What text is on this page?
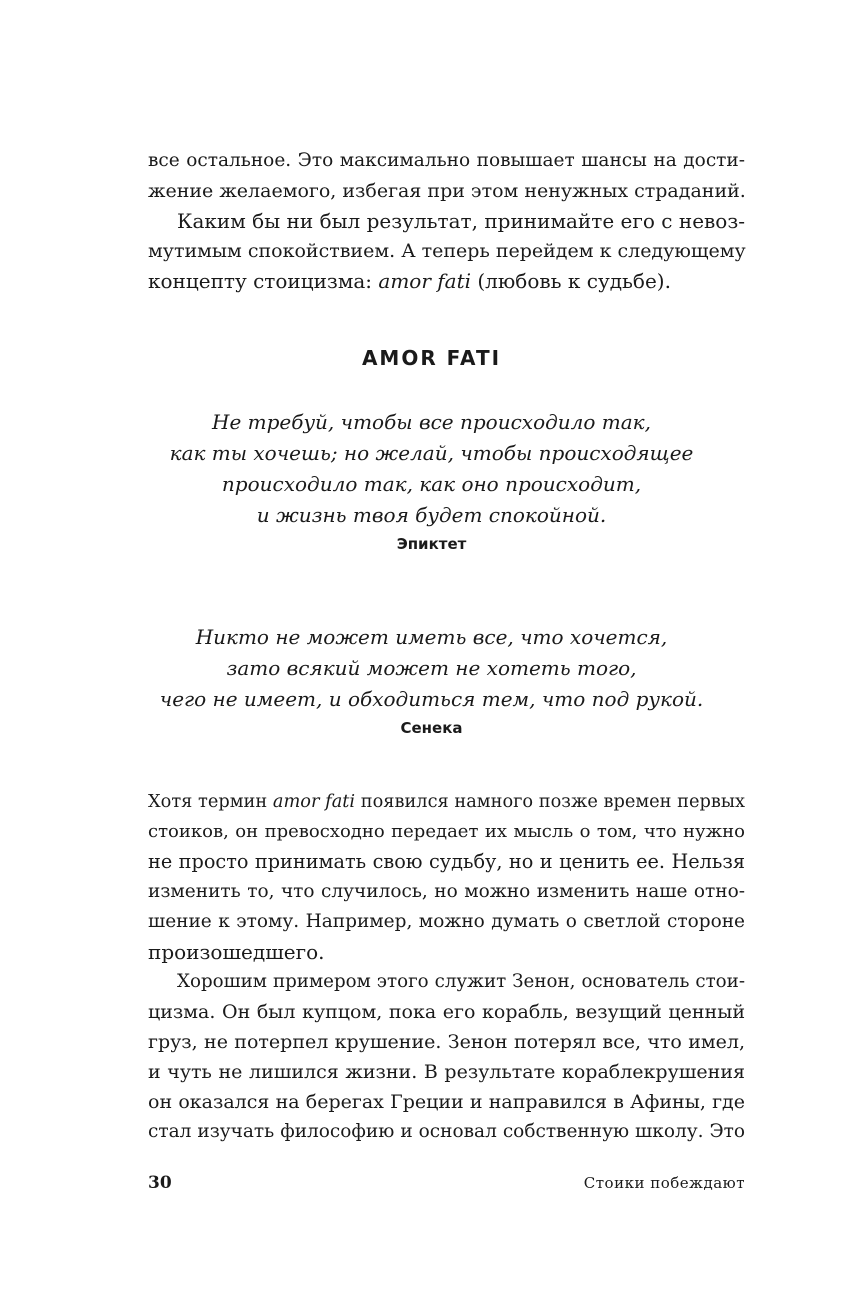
все остальное. Это максимально повышает шансы на дости-
жение желаемого, избегая при этом ненужных страданий.
Каким бы ни был результат, принимайте его с невоз-
мутимым спокойствием. А теперь перейдем к следующему
концепту стоицизма: amor fati (любовь к судьбе).
AMOR FATI
Не требуй, чтобы все происходило так,
как ты хочешь; но желай, чтобы происходящее
происходило так, как оно происходит,
и жизнь твоя будет спокойной.
Эпиктет
Никто не может иметь все, что хочется,
зато всякий может не хотеть того,
чего не имеет, и обходиться тем, что под рукой.
Сенека
Хотя термин amor fati появился намного позже времен первых
стоиков, он превосходно передает их мысль о том, что нужно
не просто принимать свою судьбу, но и ценить ее. Нельзя
изменить то, что случилось, но можно изменить наше отно-
шение к этому. Например, можно думать о светлой стороне
произошедшего.
Хорошим примером этого служит Зенон, основатель стои-
цизма. Он был купцом, пока его корабль, везущий ценный
груз, не потерпел крушение. Зенон потерял все, что имел,
и чуть не лишился жизни. В результате кораблекрушения
он оказался на берегах Греции и направился в Афины, где
стал изучать философию и основал собственную школу. Это
30	Стоики побеждают
